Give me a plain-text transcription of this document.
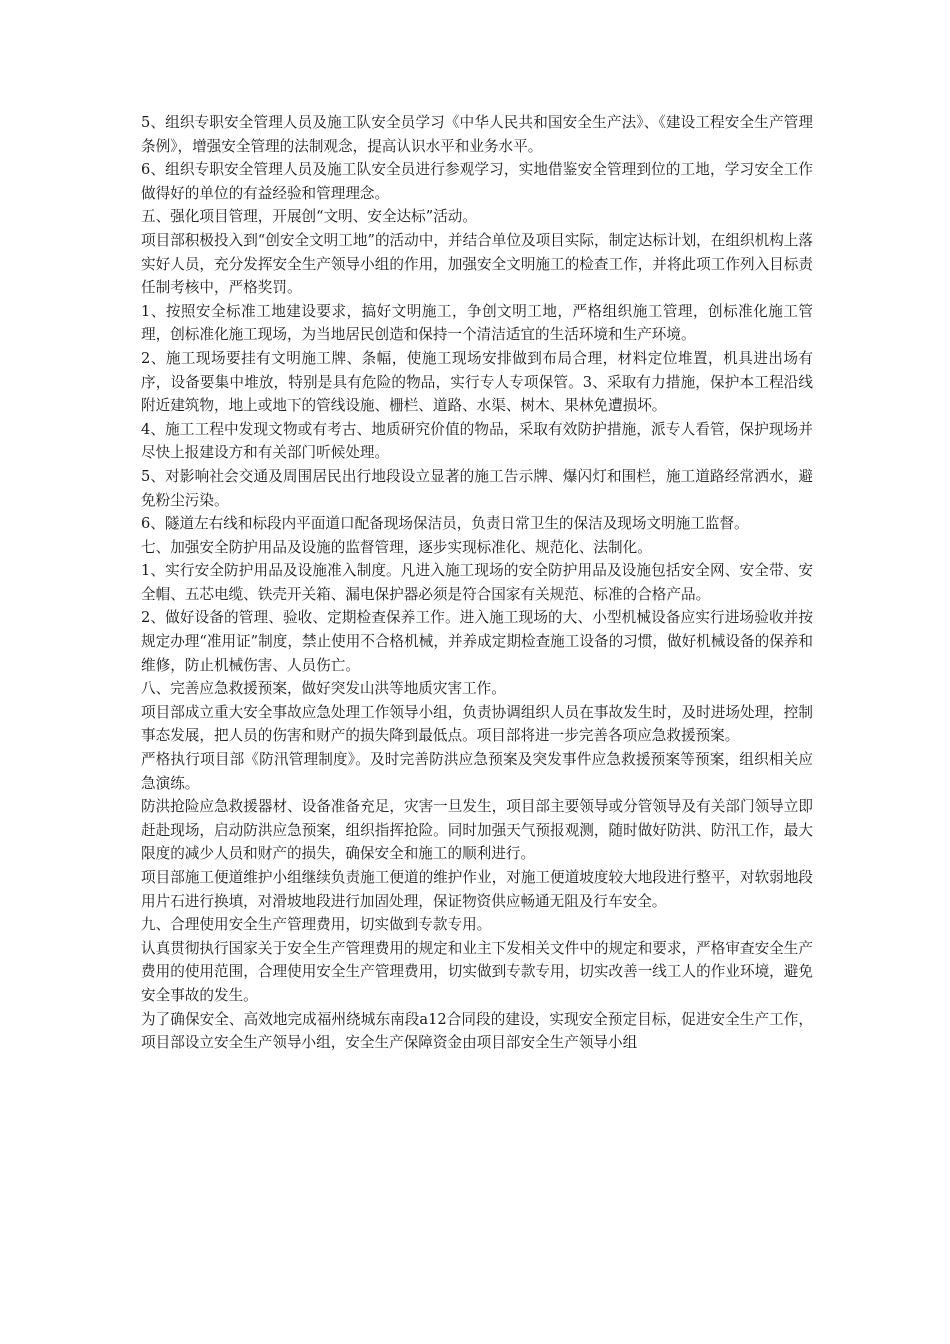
5、组织专职安全管理人员及施工队安全员学习《中华人民共和国安全生产法》、《建设工程安全生产管理条例》，增强安全管理的法制观念，提高认识水平和业务水平。

6、组织专职安全管理人员及施工队安全员进行参观学习，实地借鉴安全管理到位的工地，学习安全工作做得好的单位的有益经验和管理理念。

五、强化项目管理，开展创“文明、安全达标”活动。

项目部积极投入到“创安全文明工地”的活动中，并结合单位及项目实际，制定达标计划，在组织机构上落实好人员，充分发挥安全生产领导小组的作用，加强安全文明施工的检查工作，并将此项工作列入目标责任制考核中，严格奖罚。

1、按照安全标准工地建设要求，搞好文明施工，争创文明工地，严格组织施工管理，创标准化施工管理，创标准化施工现场，为当地居民创造和保持一个清洁适宜的生活环境和生产环境。

2、施工现场要挂有文明施工牌、条幅，使施工现场安排做到布局合理，材料定位堆置，机具进出场有序，设备要集中堆放，特别是具有危险的物品，实行专人专项保管。3、采取有力措施，保护本工程沿线附近建筑物，地上或地下的管线设施、栅栏、道路、水渠、树木、果林免遭损坏。

4、施工工程中发现文物或有考古、地质研究价值的物品，采取有效防护措施，派专人看管，保护现场并尽快上报建设方和有关部门听候处理。

5、对影响社会交通及周围居民出行地段设立显著的施工告示牌、爆闪灯和围栏，施工道路经常洒水，避免粉尘污染。

6、隧道左右线和标段内平面道口配备现场保洁员，负责日常卫生的保洁及现场文明施工监督。

七、加强安全防护用品及设施的监督管理，逐步实现标准化、规范化、法制化。

1、实行安全防护用品及设施准入制度。凡进入施工现场的安全防护用品及设施包括安全网、安全带、安全帽、五芯电缆、铁壳开关箱、漏电保护器必须是符合国家有关规范、标准的合格产品。

2、做好设备的管理、验收、定期检查保养工作。进入施工现场的大、小型机械设备应实行进场验收并按规定办理“准用证”制度，禁止使用不合格机械，并养成定期检查施工设备的习惯，做好机械设备的保养和维修，防止机械伤害、人员伤亡。

八、完善应急救援预案，做好突发山洪等地质灾害工作。

项目部成立重大安全事故应急处理工作领导小组，负责协调组织人员在事故发生时，及时进场处理，控制事态发展，把人员的伤害和财产的损失降到最低点。项目部将进一步完善各项应急救援预案。

严格执行项目部《防汛管理制度》。及时完善防洪应急预案及突发事件应急救援预案等预案，组织相关应急演练。

防洪抢险应急救援器材、设备准备充足，灾害一旦发生，项目部主要领导或分管领导及有关部门领导立即赶赴现场，启动防洪应急预案，组织指挥抢险。同时加强天气预报观测，随时做好防洪、防汛工作，最大限度的减少人员和财产的损失，确保安全和施工的顺利进行。

项目部施工便道维护小组继续负责施工便道的维护作业，对施工便道坡度较大地段进行整平，对软弱地段用片石进行换填，对滑坡地段进行加固处理，保证物资供应畅通无阻及行车安全。

九、合理使用安全生产管理费用，切实做到专款专用。

认真贯彻执行国家关于安全生产管理费用的规定和业主下发相关文件中的规定和要求，严格审查安全生产费用的使用范围，合理使用安全生产管理费用，切实做到专款专用，切实改善一线工人的作业环境，避免安全事故的发生。

为了确保安全、高效地完成福州绕城东南段a12合同段的建设，实现安全预定目标，促进安全生产工作，项目部设立安全生产领导小组，安全生产保障资金由项目部安全生产领导小组
